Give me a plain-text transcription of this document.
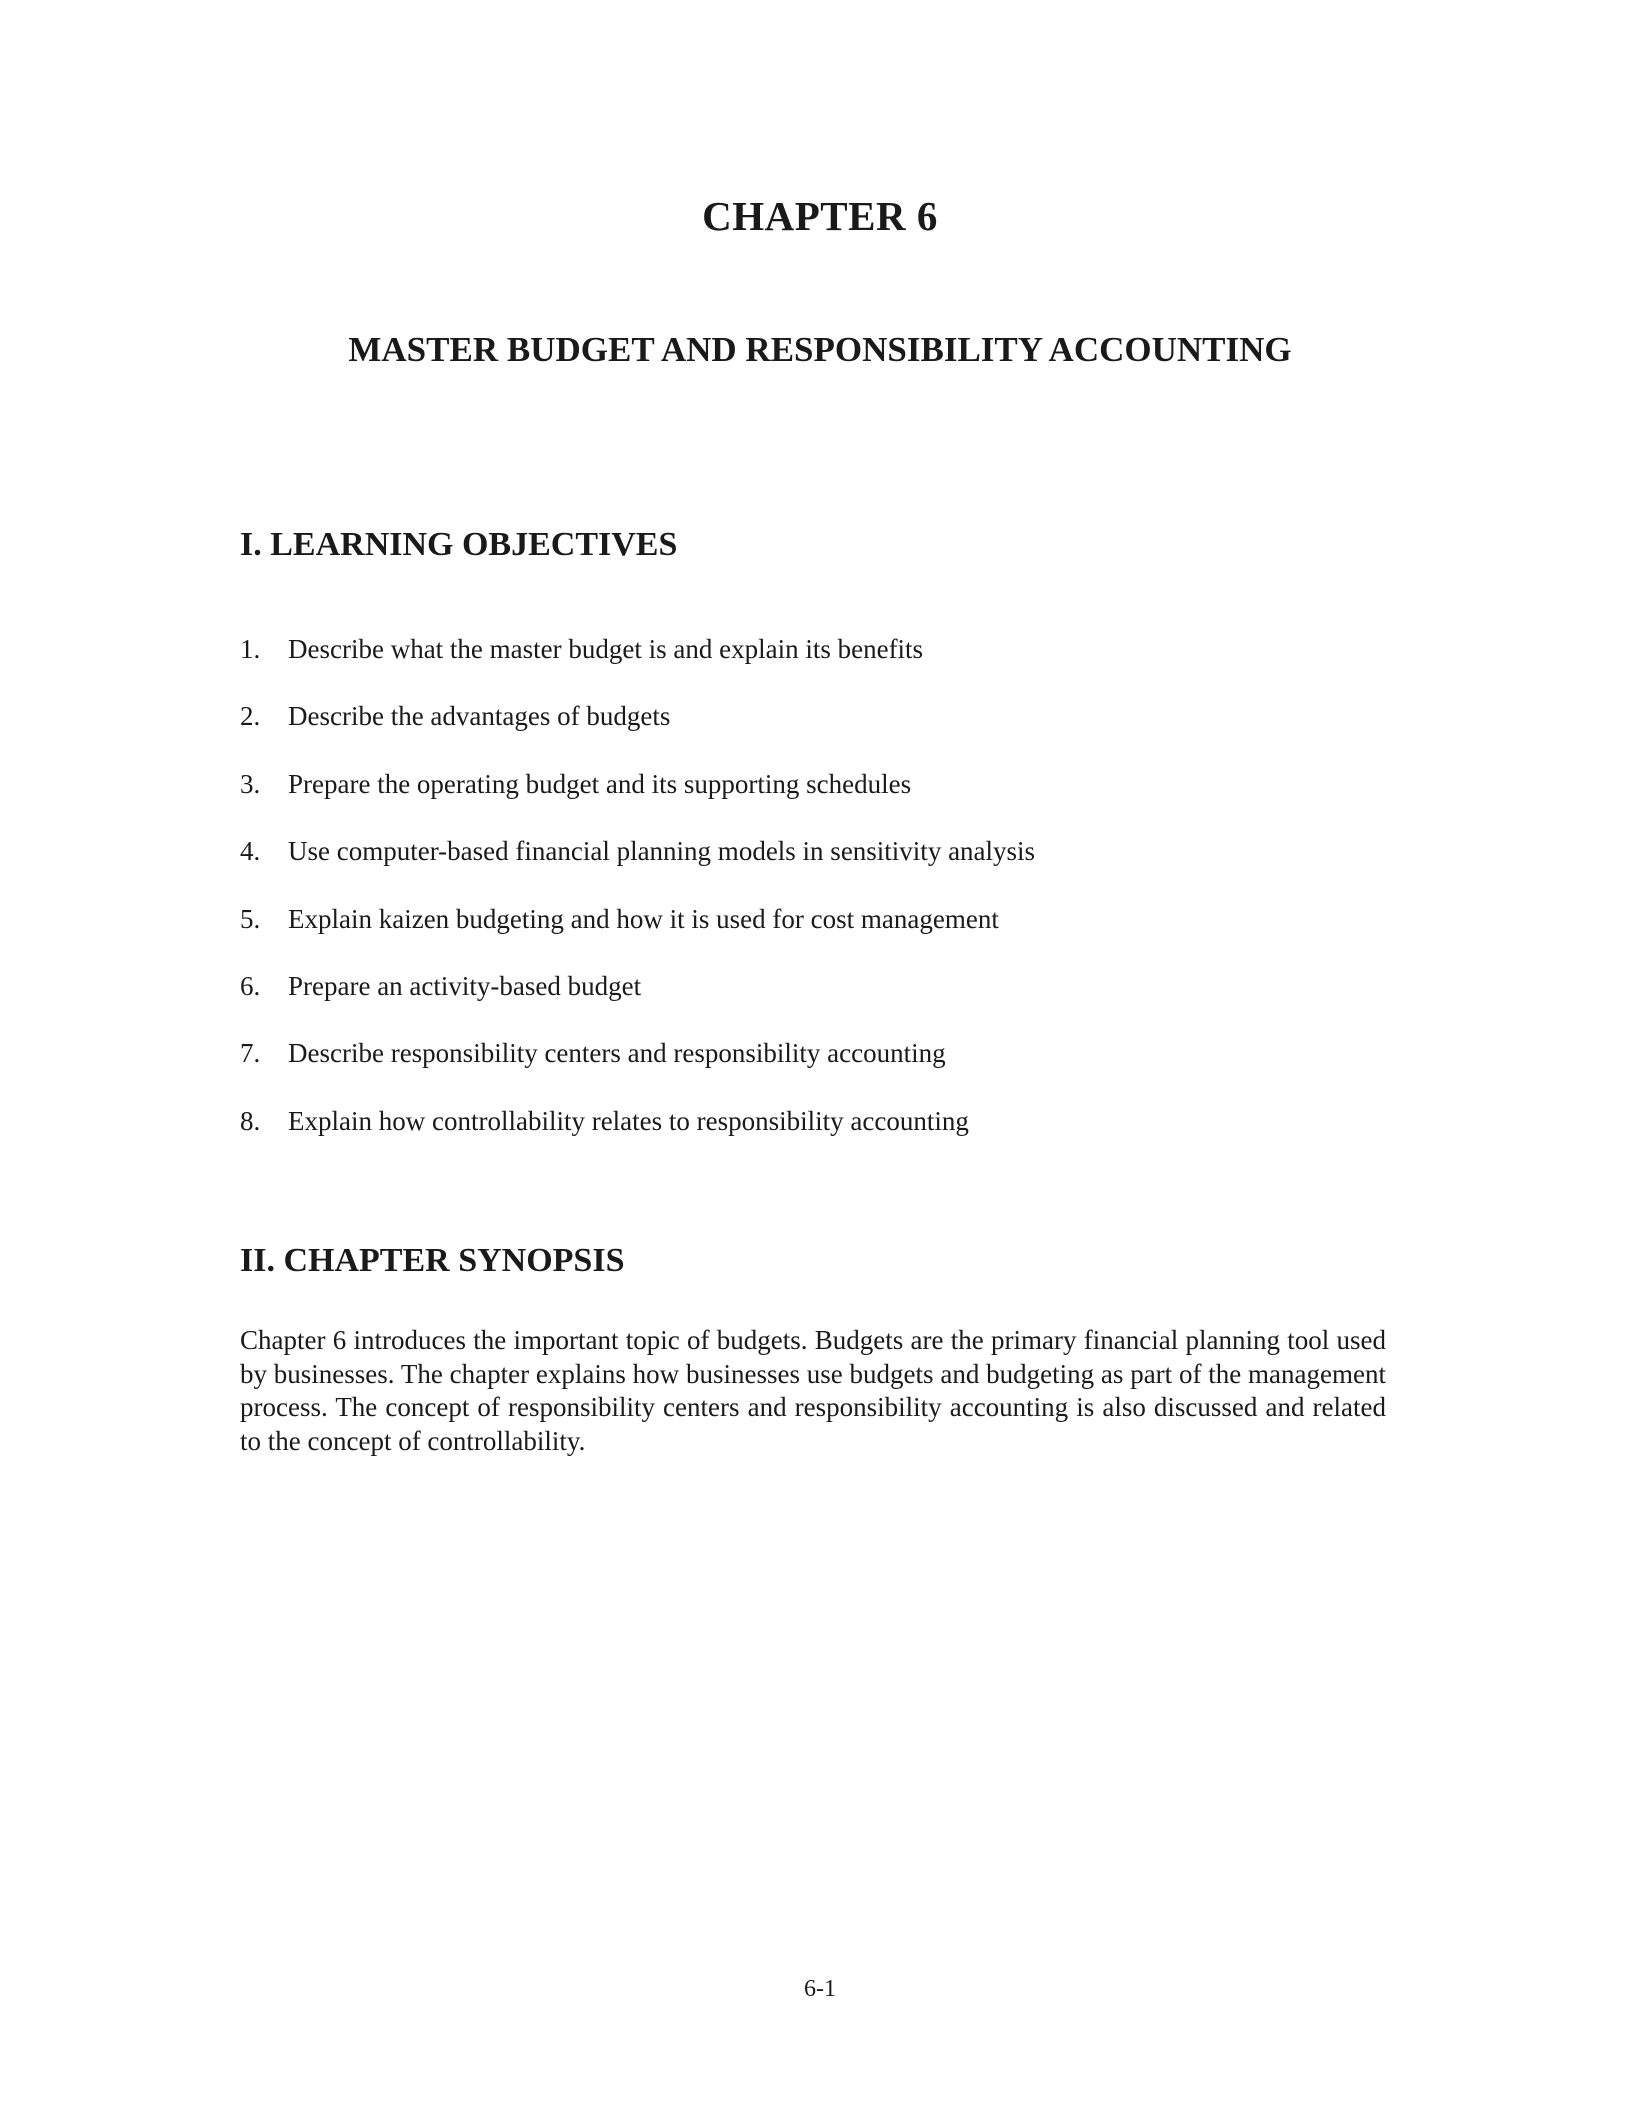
CHAPTER 6
MASTER BUDGET AND RESPONSIBILITY ACCOUNTING
I. LEARNING OBJECTIVES
1.	Describe what the master budget is and explain its benefits
2.	Describe the advantages of budgets
3.	Prepare the operating budget and its supporting schedules
4.	Use computer-based financial planning models in sensitivity analysis
5.	Explain kaizen budgeting and how it is used for cost management
6.	Prepare an activity-based budget
7.	Describe responsibility centers and responsibility accounting
8.	Explain how controllability relates to responsibility accounting
II. CHAPTER SYNOPSIS

Chapter 6 introduces the important topic of budgets. Budgets are the primary financial planning tool used by businesses. The chapter explains how businesses use budgets and budgeting as part of the management process. The concept of responsibility centers and responsibility accounting is also discussed and related to the concept of controllability.

6-1
